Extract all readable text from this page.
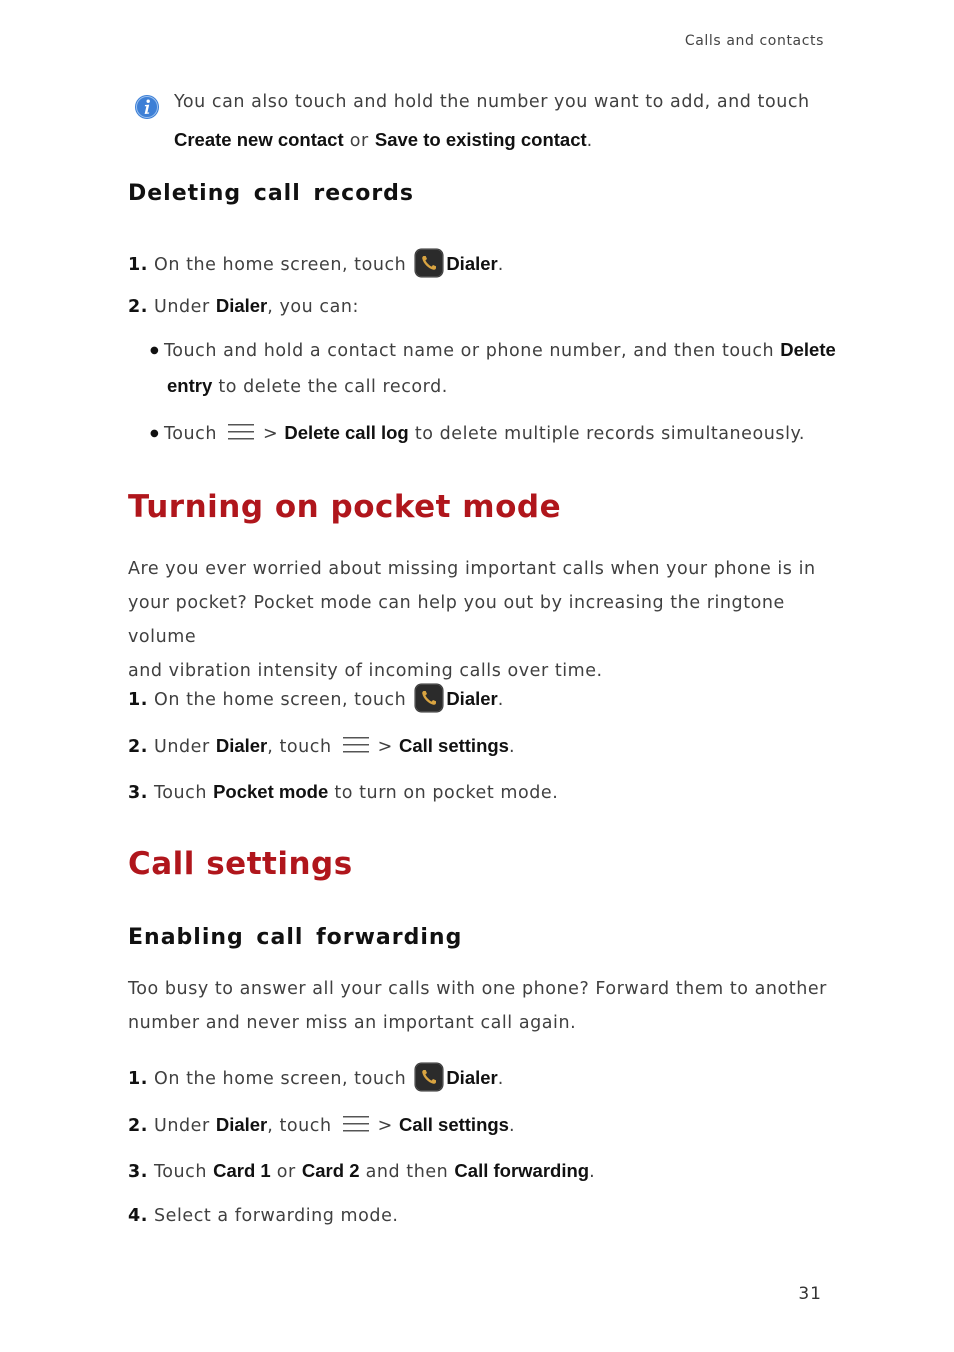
Calls and contacts
You can also touch and hold the number you want to add, and touch
Create new contact or Save to existing contact.
Deleting call records
1. On the home screen, touch Dialer.
2. Under Dialer, you can:
● Touch and hold a contact name or phone number, and then touch Delete
entry to delete the call record.
● Touch	> Delete call log to delete multiple records simultaneously.
Turning on pocket mode
Are you ever worried about missing important calls when your phone is in
your pocket? Pocket mode can help you out by increasing the ringtone volume
and vibration intensity of incoming calls over time.
1. On the home screen, touch Dialer.
2. Under Dialer, touch	> Call settings.
3. Touch Pocket mode to turn on pocket mode.
Call settings
Enabling call forwarding
Too busy to answer all your calls with one phone? Forward them to another
number and never miss an important call again.
1. On the home screen, touch Dialer.
2. Under Dialer, touch	> Call settings.
3. Touch Card 1 or Card 2 and then Call forwarding.
4. Select a forwarding mode.
31
